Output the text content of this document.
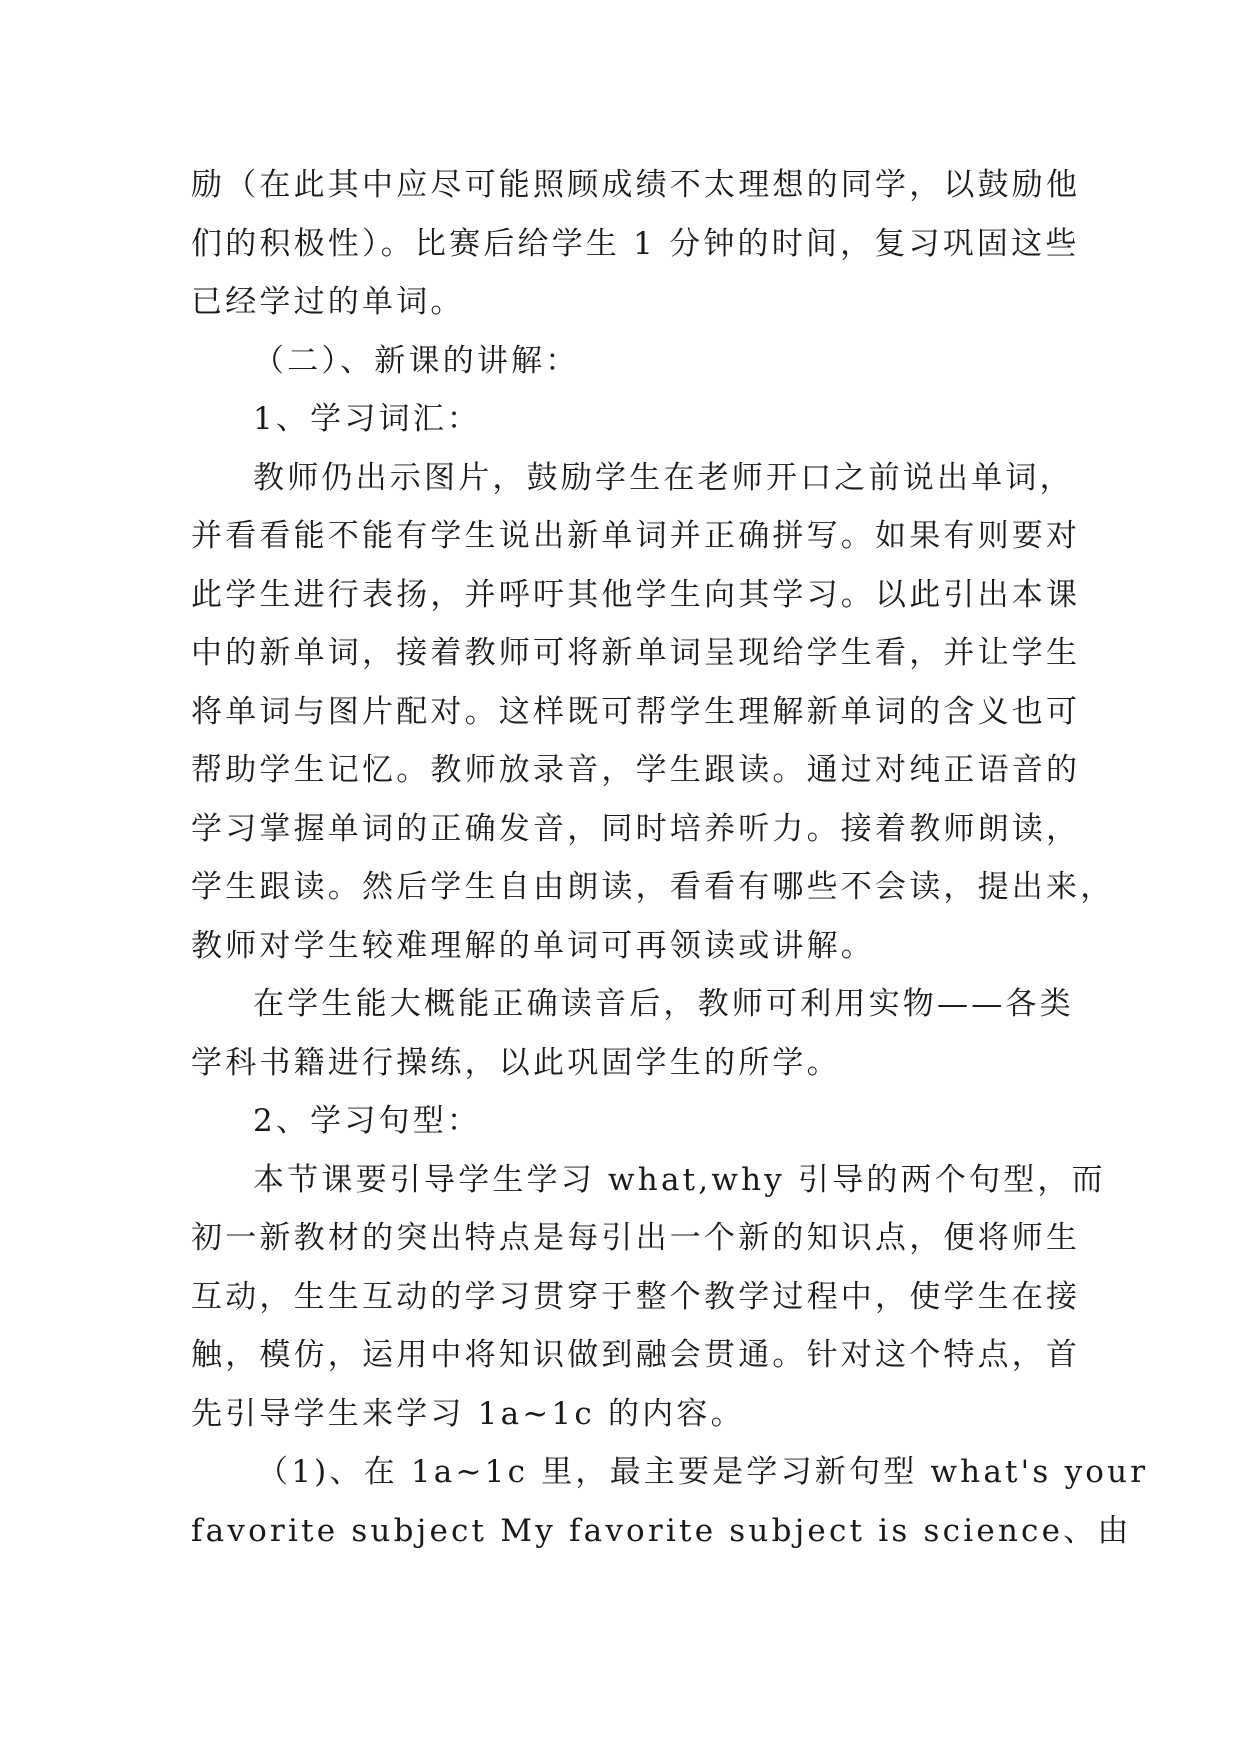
励（在此其中应尽可能照顾成绩不太理想的同学，以鼓励他
们的积极性）。比赛后给学生 1 分钟的时间，复习巩固这些
已经学过的单词。
（二）、新课的讲解：
1、学习词汇：
教师仍出示图片，鼓励学生在老师开口之前说出单词，
并看看能不能有学生说出新单词并正确拼写。如果有则要对
此学生进行表扬，并呼吁其他学生向其学习。以此引出本课
中的新单词，接着教师可将新单词呈现给学生看，并让学生
将单词与图片配对。这样既可帮学生理解新单词的含义也可
帮助学生记忆。教师放录音，学生跟读。通过对纯正语音的
学习掌握单词的正确发音，同时培养听力。接着教师朗读，
学生跟读。然后学生自由朗读，看看有哪些不会读，提出来，
教师对学生较难理解的单词可再领读或讲解。
在学生能大概能正确读音后，教师可利用实物——各类
学科书籍进行操练，以此巩固学生的所学。
2、学习句型：
本节课要引导学生学习 what,why 引导的两个句型，而
初一新教材的突出特点是每引出一个新的知识点，便将师生
互动，生生互动的学习贯穿于整个教学过程中，使学生在接
触，模仿，运用中将知识做到融会贯通。针对这个特点，首
先引导学生来学习 1a~1c 的内容。
（1)、在 1a~1c 里，最主要是学习新句型 what's your
favorite subject My favorite subject is science、由
